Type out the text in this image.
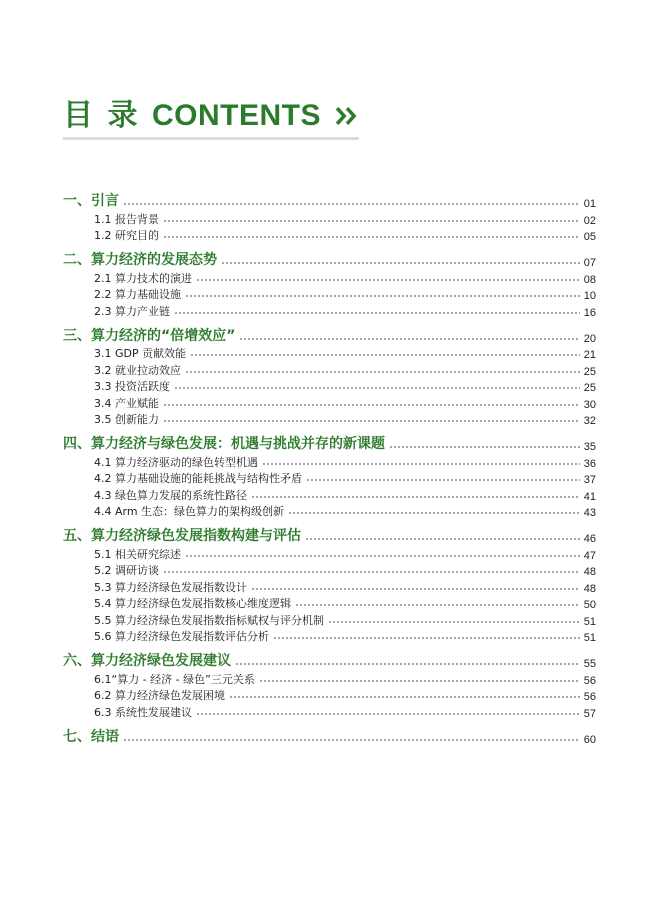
目 录 CONTENTS
一、引言	01
1.1 报告背景	02
1.2 研究目的	05
二、算力经济的发展态势	07
2.1 算力技术的演进	08
2.2 算力基础设施	10
2.3 算力产业链	16
三、算力经济的“倍增效应”	20
3.1 GDP 贡献效能	21
3.2 就业拉动效应	25
3.3 投资活跃度	25
3.4 产业赋能	30
3.5 创新能力	32
四、算力经济与绿色发展：机遇与挑战并存的新课题	35
4.1 算力经济驱动的绿色转型机遇	36
4.2 算力基础设施的能耗挑战与结构性矛盾	37
4.3 绿色算力发展的系统性路径	41
4.4 Arm 生态：绿色算力的架构级创新	43
五、算力经济绿色发展指数构建与评估	46
5.1 相关研究综述	47
5.2 调研访谈	48
5.3 算力经济绿色发展指数设计	48
5.4 算力经济绿色发展指数核心维度逻辑	50
5.5 算力经济绿色发展指数指标赋权与评分机制	51
5.6 算力经济绿色发展指数评估分析	51
六、算力经济绿色发展建议	55
6.1“算力 - 经济 - 绿色”三元关系	56
6.2 算力经济绿色发展困境	56
6.3 系统性发展建议	57
七、结语	60
